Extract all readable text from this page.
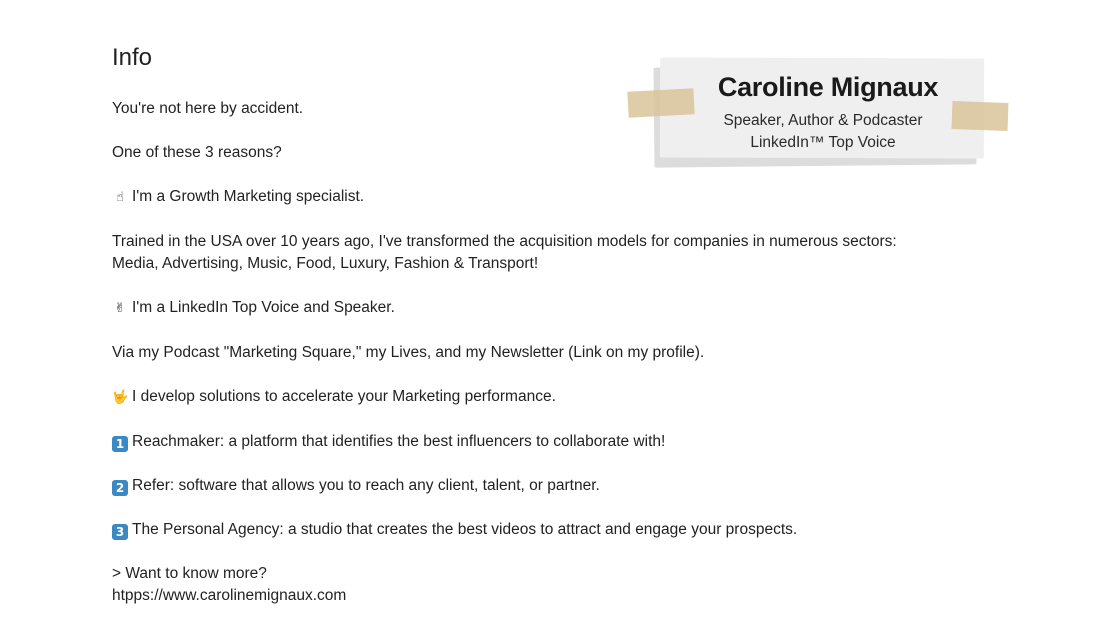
Info
Caroline Mignaux
Speaker, Author & Podcaster
LinkedIn™ Top Voice

You're not here by accident.

One of these 3 reasons?

☝ I'm a Growth Marketing specialist.

Trained in the USA over 10 years ago, I've transformed the acquisition models for companies in numerous sectors:
Media, Advertising, Music, Food, Luxury, Fashion & Transport!

✌ I'm a LinkedIn Top Voice and Speaker.

Via my Podcast "Marketing Square," my Lives, and my Newsletter (Link on my profile).

🤟 I develop solutions to accelerate your Marketing performance.

1 Reachmaker: a platform that identifies the best influencers to collaborate with!

2 Refer: software that allows you to reach any client, talent, or partner.

3 The Personal Agency: a studio that creates the best videos to attract and engage your prospects.

> Want to know more?
htpps://www.carolinemignaux.com
